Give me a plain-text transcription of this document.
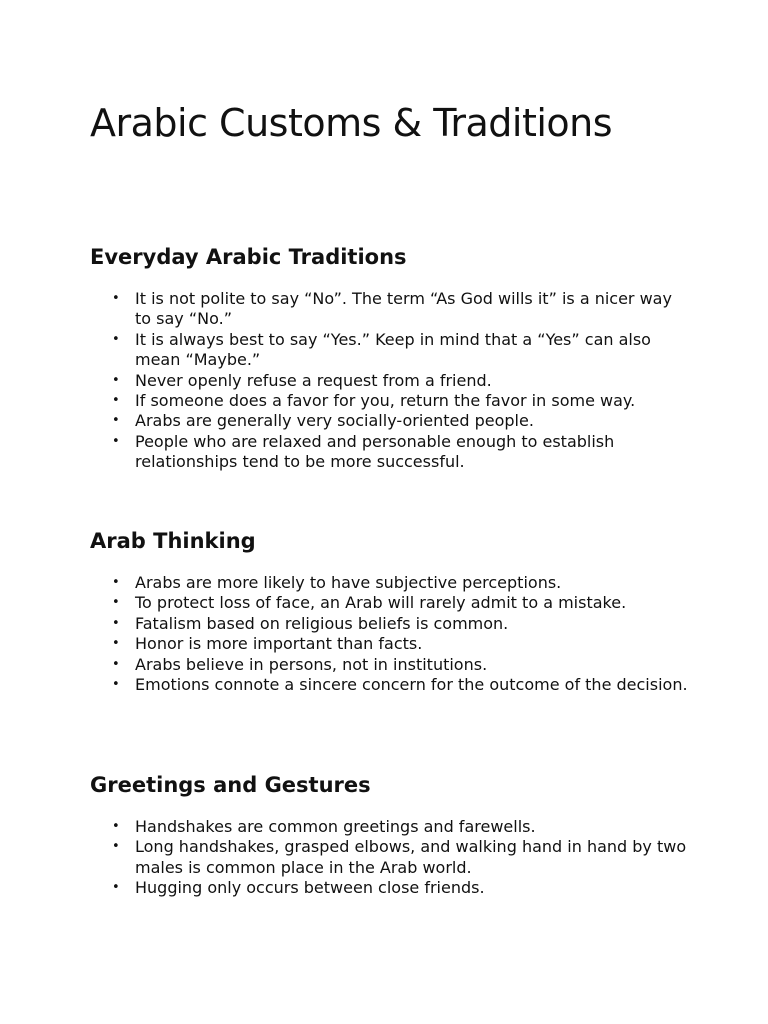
Arabic Customs & Traditions
Everyday Arabic Traditions
• It is not polite to say “No”. The term “As God wills it” is a nicer way to say “No.”
• It is always best to say “Yes.” Keep in mind that a “Yes” can also mean “Maybe.”
• Never openly refuse a request from a friend.
• If someone does a favor for you, return the favor in some way.
• Arabs are generally very socially-oriented people.
• People who are relaxed and personable enough to establish relationships tend to be more successful.
Arab Thinking
• Arabs are more likely to have subjective perceptions.
• To protect loss of face, an Arab will rarely admit to a mistake.
• Fatalism based on religious beliefs is common.
• Honor is more important than facts.
• Arabs believe in persons, not in institutions.
• Emotions connote a sincere concern for the outcome of the decision.
Greetings and Gestures
• Handshakes are common greetings and farewells.
• Long handshakes, grasped elbows, and walking hand in hand by two males is common place in the Arab world.
• Hugging only occurs between close friends.
